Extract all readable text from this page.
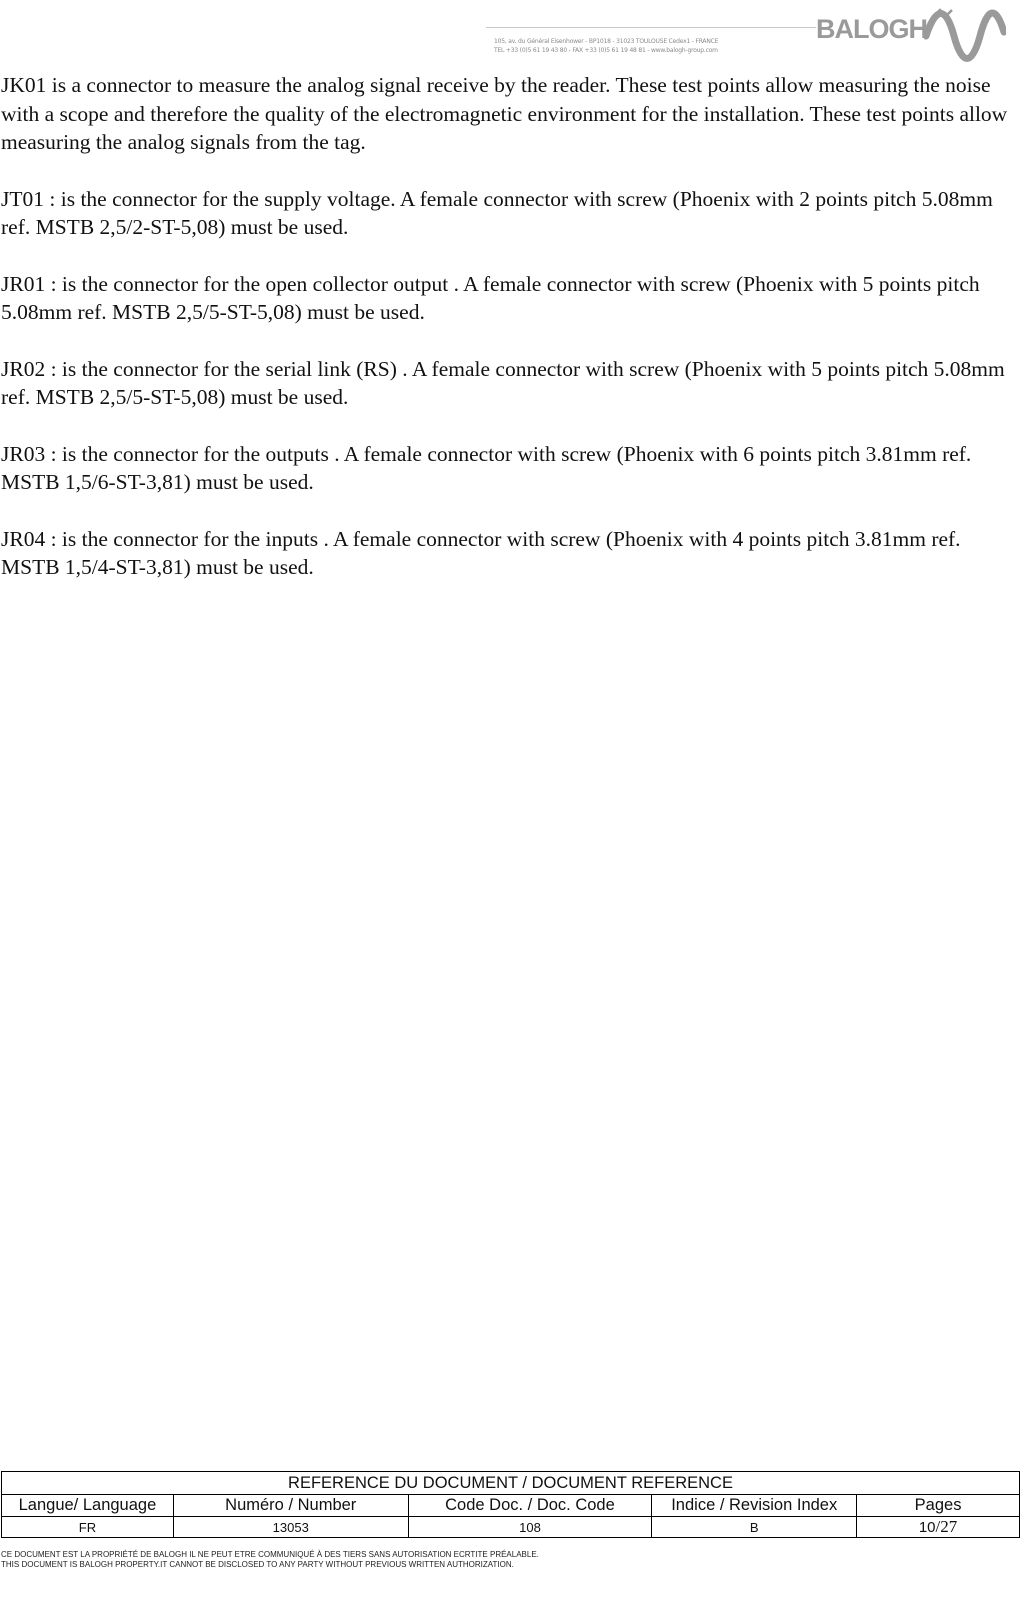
105, av. du Général Eisenhower - BP1018 - 31023 TOULOUSE Cedex1 - FRANCE
TEL +33 (0)5 61 19 43 80 - FAX +33 (0)5 61 19 48 81 - www.balogh-group.com
BALOGH

JK01 is a connector to measure the analog signal receive by the reader. These test points allow measuring the noise with a scope and therefore the quality of the electromagnetic environment for the installation. These test points allow measuring the analog signals from the tag.

JT01 : is the connector for the supply voltage. A female connector with screw (Phoenix with 2 points pitch 5.08mm ref. MSTB 2,5/2-ST-5,08) must be used.

JR01 : is the connector for the open collector output . A female connector with screw (Phoenix with 5 points pitch 5.08mm ref. MSTB 2,5/5-ST-5,08) must be used.

JR02 : is the connector for the serial link (RS) . A female connector with screw (Phoenix with 5 points pitch 5.08mm ref. MSTB 2,5/5-ST-5,08) must be used.

JR03 : is the connector for the outputs . A female connector with screw (Phoenix with 6 points pitch 3.81mm ref. MSTB 1,5/6-ST-3,81) must be used.

JR04 : is the connector for the inputs . A female connector with screw (Phoenix with 4 points pitch 3.81mm ref. MSTB 1,5/4-ST-3,81) must be used.

REFERENCE DU DOCUMENT / DOCUMENT REFERENCE				
Langue/ Language	Numéro / Number	Code Doc. / Doc. Code	Indice / Revision Index	Pages
FR	13053	108	B	10/27
CE DOCUMENT EST LA PROPRIÉTÉ DE BALOGH IL NE PEUT ETRE COMMUNIQUÉ À DES TIERS SANS AUTORISATION ECRTITE PRÉALABLE.
THIS DOCUMENT IS BALOGH PROPERTY.IT CANNOT BE DISCLOSED TO ANY PARTY WITHOUT PREVIOUS WRITTEN AUTHORIZATION.
